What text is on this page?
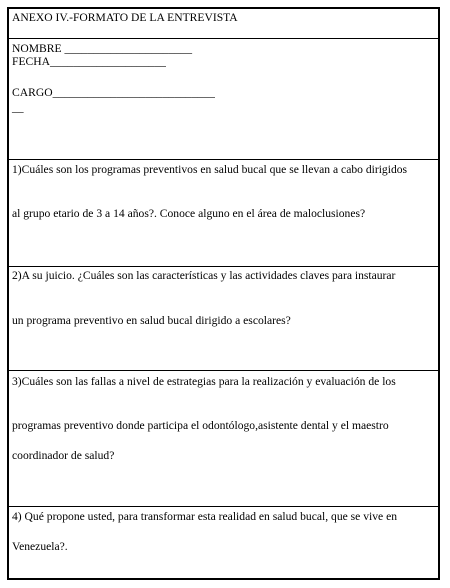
ANEXO IV.-FORMATO DE LA ENTREVISTA
NOMBRE ______________________
FECHA____________________
CARGO____________________________
__
1)Cuáles son los programas preventivos en salud bucal que se llevan a cabo dirigidos
al grupo etario de 3 a 14 años?. Conoce alguno en el área de maloclusiones?
2)A su juicio. ¿Cuáles son las características y las actividades claves para instaurar
un programa preventivo en salud bucal dirigido a escolares?
3)Cuáles son las fallas a nivel de estrategias para la realización y evaluación de los
programas preventivo donde participa el odontólogo,asistente dental y el maestro
coordinador de salud?
4) Qué propone usted, para transformar esta realidad en salud bucal, que se vive en
Venezuela?.
